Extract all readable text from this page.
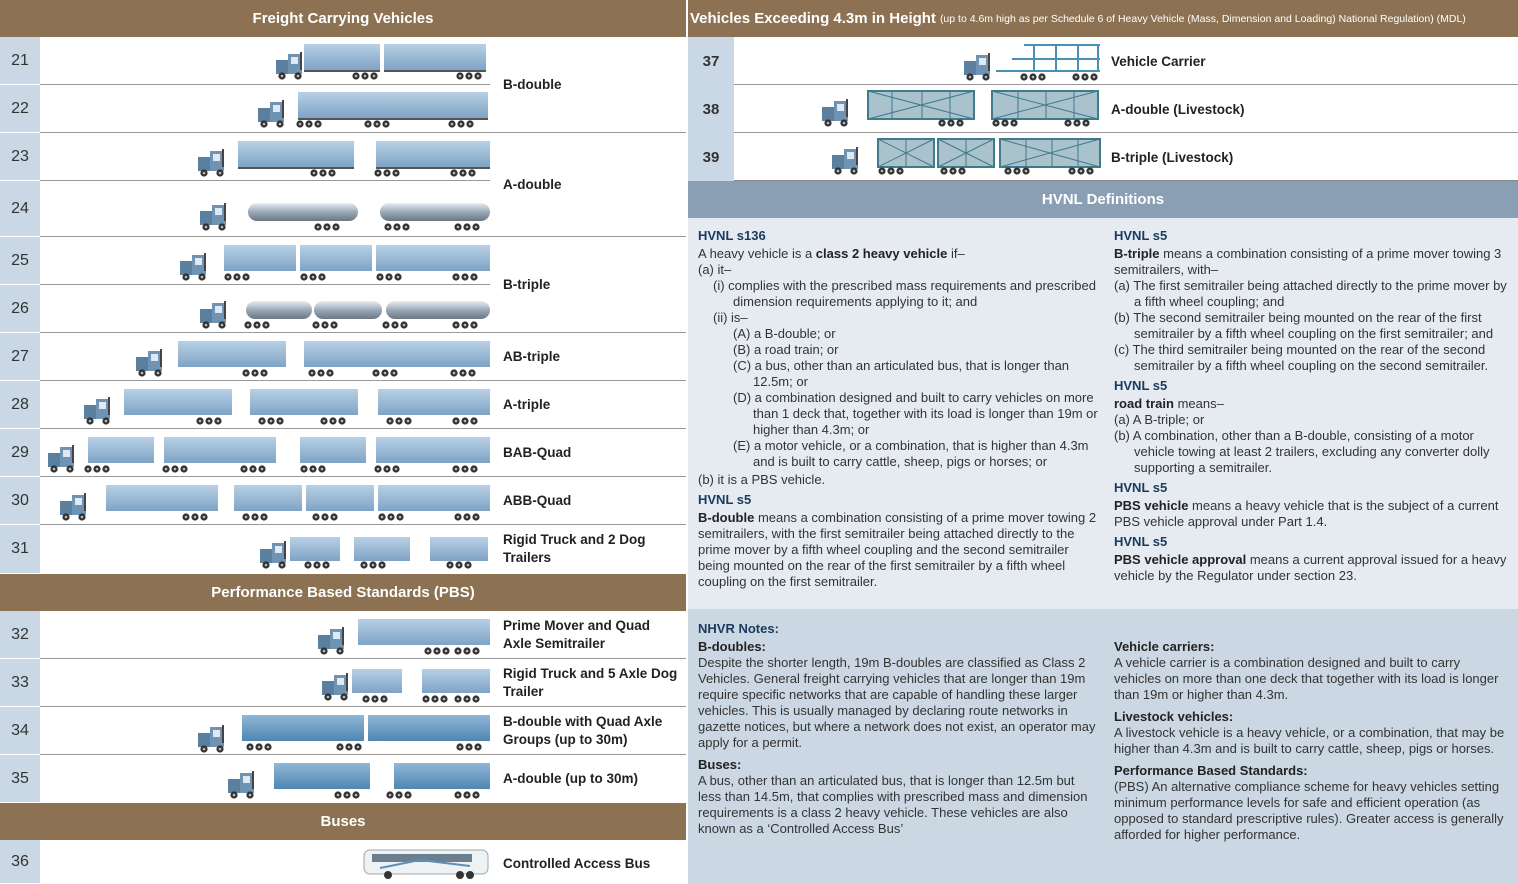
Freight Carrying Vehicles
21
22
23
24
25
26
27
28
29
30
31
Performance Based Standards (PBS)
32
33
34
35
Buses
36
B-double
A-double
B-triple
AB-triple
A-triple
BAB-Quad
ABB-Quad
Rigid Truck and 2 Dog Trailers
Prime Mover and Quad Axle Semitrailer
Rigid Truck and 5 Axle Dog Trailer
B-double with Quad Axle Groups (up to 30m)
A-double (up to 30m)
Controlled Access Bus
Vehicles Exceeding 4.3m in Height (up to 4.6m high as per Schedule 6 of Heavy Vehicle (Mass, Dimension and Loading) National Regulation) (MDL)
37
38
39
Vehicle Carrier
A-double (Livestock)
B-triple (Livestock)
HVNL Definitions

HVNL s136

A heavy vehicle is a class 2 heavy vehicle if–

(a) it–

(i) complies with the prescribed mass requirements and prescribed dimension requirements applying to it; and

(ii) is–

(A) a B-double; or

(B) a road train; or

(C) a bus, other than an articulated bus, that is longer than 12.5m; or

(D) a combination designed and built to carry vehicles on more than 1 deck that, together with its load is longer than 19m or higher than 4.3m; or

(E) a motor vehicle, or a combination, that is higher than 4.3m and is built to carry cattle, sheep, pigs or horses; or

(b) it is a PBS vehicle.

HVNL s5

B-double means a combination consisting of a prime mover towing 2 semitrailers, with the first semitrailer being attached directly to the prime mover by a fifth wheel coupling and the second semitrailer being mounted on the rear of the first semitrailer by a fifth wheel coupling on the first semitrailer.

HVNL s5

B-triple means a combination consisting of a prime mover towing 3 semitrailers, with–

(a) The first semitrailer being attached directly to the prime mover by a fifth wheel coupling; and

(b) The second semitrailer being mounted on the rear of the first semitrailer by a fifth wheel coupling on the first semitrailer; and

(c) The third semitrailer being mounted on the rear of the second semitrailer by a fifth wheel coupling on the second semitrailer.

HVNL s5

road train means–

(a) A B-triple; or

(b) A combination, other than a B-double, consisting of a motor vehicle towing at least 2 trailers, excluding any converter dolly supporting a semitrailer.

HVNL s5

PBS vehicle means a heavy vehicle that is the subject of a current PBS vehicle approval under Part 1.4.

HVNL s5

PBS vehicle approval means a current approval issued for a heavy vehicle by the Regulator under section 23.

NHVR Notes:

B-doubles:

Despite the shorter length, 19m B-doubles are classified as Class 2 Vehicles. General freight carrying vehicles that are longer than 19m require specific networks that are capable of handling these larger vehicles. This is usually managed by declaring route networks in gazette notices, but where a network does not exist, an operator may apply for a permit.

Buses:

A bus, other than an articulated bus, that is longer than 12.5m but less than 14.5m, that complies with prescribed mass and dimension requirements is a class 2 heavy vehicle. These vehicles are also known as a ‘Controlled Access Bus’

Vehicle carriers:

A vehicle carrier is a combination designed and built to carry vehicles on more than one deck that together with its load is longer than 19m or higher than 4.3m.

Livestock vehicles:

A livestock vehicle is a heavy vehicle, or a combination, that may be higher than 4.3m and is built to carry cattle, sheep, pigs or horses.

Performance Based Standards:

(PBS) An alternative compliance scheme for heavy vehicles setting minimum performance levels for safe and efficient operation (as opposed to standard prescriptive rules). Greater access is generally afforded for higher performance.
